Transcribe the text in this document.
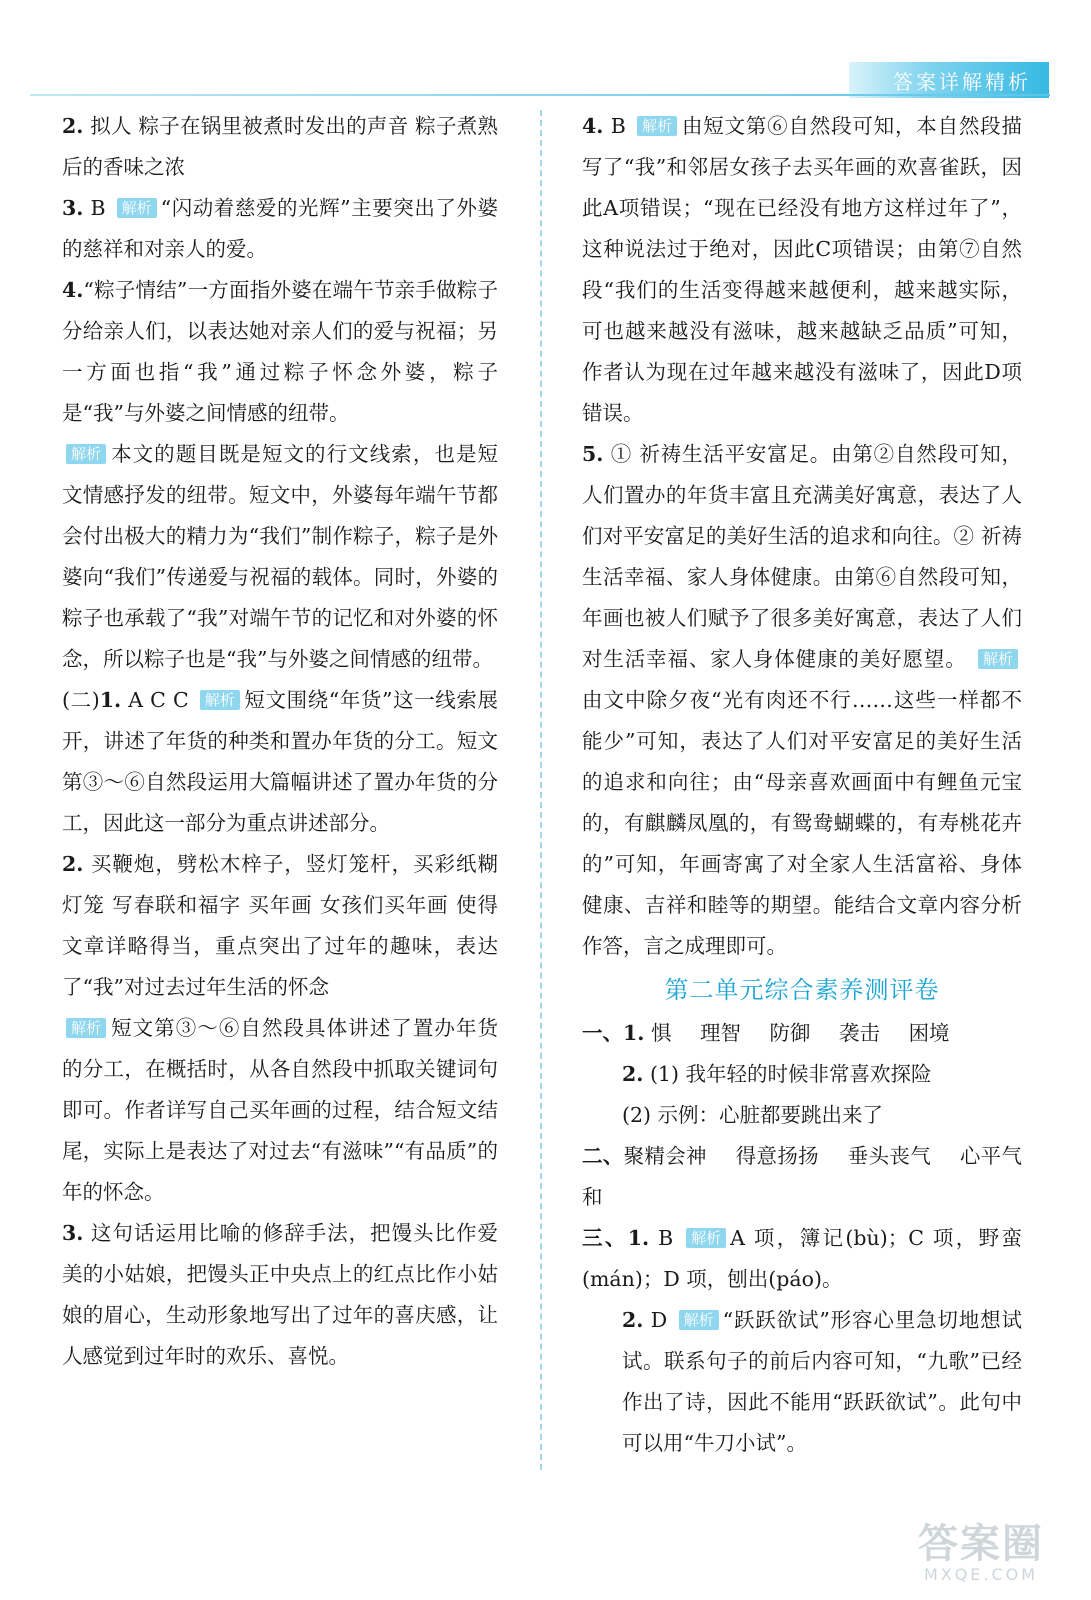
答案详解精析

2. 拟人 粽子在锅里被煮时发出的声音 粽子煮熟后的香味之浓

3. B 解析 “闪动着慈爱的光辉”主要突出了外婆的慈祥和对亲人的爱。

4.“粽子情结”一方面指外婆在端午节亲手做粽子分给亲人们，以表达她对亲人们的爱与祝福；另一方面也指“我”通过粽子怀念外婆，粽子是“我”与外婆之间情感的纽带。

解析 本文的题目既是短文的行文线索，也是短文情感抒发的纽带。短文中，外婆每年端午节都会付出极大的精力为“我们”制作粽子，粽子是外婆向“我们”传递爱与祝福的载体。同时，外婆的粽子也承载了“我”对端午节的记忆和对外婆的怀念，所以粽子也是“我”与外婆之间情感的纽带。

(二)1. A C C 解析 短文围绕“年货”这一线索展开，讲述了年货的种类和置办年货的分工。短文第③～⑥自然段运用大篇幅讲述了置办年货的分工，因此这一部分为重点讲述部分。

2. 买鞭炮，劈松木梓子，竖灯笼杆，买彩纸糊灯笼 写春联和福字 买年画 女孩们买年画 使得文章详略得当，重点突出了过年的趣味，表达了“我”对过去过年生活的怀念

解析 短文第③～⑥自然段具体讲述了置办年货的分工，在概括时，从各自然段中抓取关键词句即可。作者详写自己买年画的过程，结合短文结尾，实际上是表达了对过去“有滋味”“有品质”的年的怀念。

3. 这句话运用比喻的修辞手法，把馒头比作爱美的小姑娘，把馒头正中央点上的红点比作小姑娘的眉心，生动形象地写出了过年的喜庆感，让人感觉到过年时的欢乐、喜悦。

4. B 解析 由短文第⑥自然段可知，本自然段描写了“我”和邻居女孩子去买年画的欢喜雀跃，因此A项错误；“现在已经没有地方这样过年了”，这种说法过于绝对，因此C项错误；由第⑦自然段“我们的生活变得越来越便利，越来越实际，可也越来越没有滋味，越来越缺乏品质”可知，作者认为现在过年越来越没有滋味了，因此D项错误。

5. ① 祈祷生活平安富足。由第②自然段可知，人们置办的年货丰富且充满美好寓意，表达了人们对平安富足的美好生活的追求和向往。② 祈祷生活幸福、家人身体健康。由第⑥自然段可知，年画也被人们赋予了很多美好寓意，表达了人们对生活幸福、家人身体健康的美好愿望。 解析由文中除夕夜“光有肉还不行……这些一样都不能少”可知，表达了人们对平安富足的美好生活的追求和向往；由“母亲喜欢画面中有鲤鱼元宝的，有麒麟凤凰的，有鸳鸯蝴蝶的，有寿桃花卉的”可知，年画寄寓了对全家人生活富裕、身体健康、吉祥和睦等的期望。能结合文章内容分析作答，言之成理即可。

第二单元综合素养测评卷

一、1. 惧 理智 防御 袭击 困境

2. (1) 我年轻的时候非常喜欢探险

(2) 示例：心脏都要跳出来了

二、聚精会神 得意扬扬 垂头丧气 心平气和

三、1. B 解析 A 项，簿记(bù)；C 项，野蛮(mán)；D 项，刨出(páo)。

2. D 解析 “跃跃欲试”形容心里急切地想试试。联系句子的前后内容可知，“九歌”已经作出了诗，因此不能用“跃跃欲试”。此句中可以用“牛刀小试”。

答案圈
MXQE.COM
